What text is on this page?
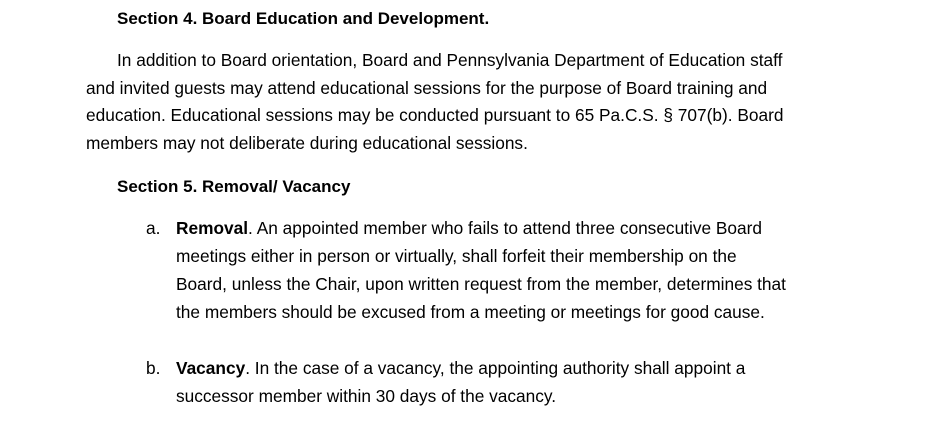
Section 4. Board Education and Development.
In addition to Board orientation, Board and Pennsylvania Department of Education staff
and invited guests may attend educational sessions for the purpose of Board training and
education. Educational sessions may be conducted pursuant to 65 Pa.C.S. § 707(b). Board
members may not deliberate during educational sessions.
Section 5. Removal/ Vacancy
a. Removal. An appointed member who fails to attend three consecutive Board
meetings either in person or virtually, shall forfeit their membership on the
Board, unless the Chair, upon written request from the member, determines that
the members should be excused from a meeting or meetings for good cause.
b. Vacancy. In the case of a vacancy, the appointing authority shall appoint a
successor member within 30 days of the vacancy.
